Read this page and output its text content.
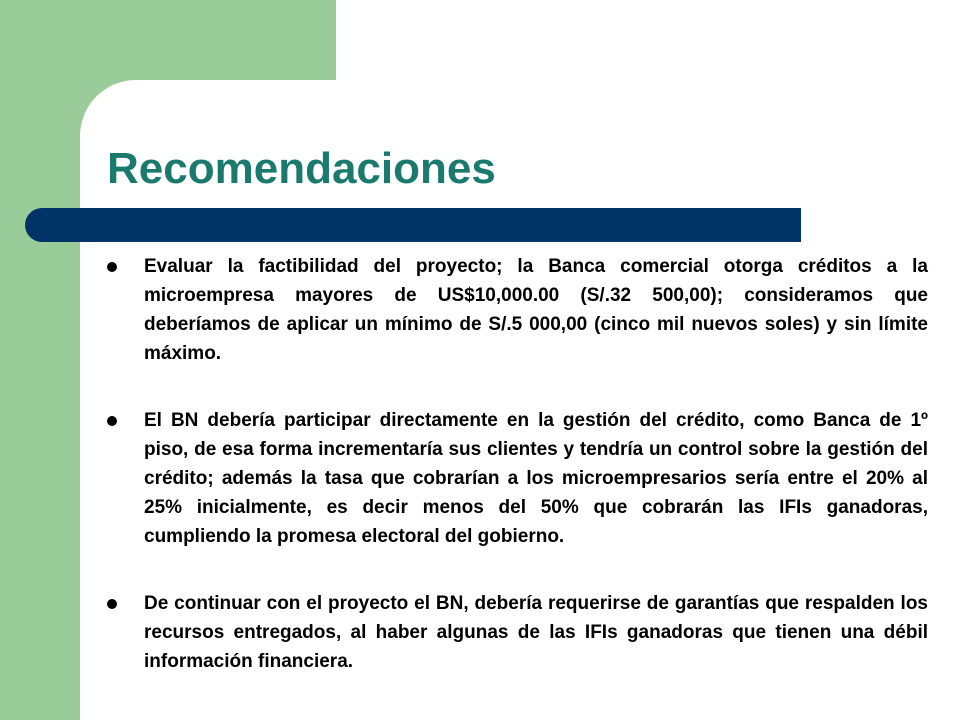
Recomendaciones
Evaluar la factibilidad del proyecto; la Banca comercial otorga créditos a la microempresa mayores de US$10,000.00 (S/.32 500,00); consideramos que deberíamos de aplicar un mínimo de S/.5 000,00 (cinco mil nuevos soles) y sin límite máximo.
El BN debería participar directamente en la gestión del crédito, como Banca de 1º piso, de esa forma incrementaría sus clientes y tendría un control sobre la gestión del crédito; además la tasa que cobrarían a los microempresarios sería entre el 20% al 25% inicialmente, es decir menos del 50% que cobrarán las IFIs ganadoras, cumpliendo la promesa electoral del gobierno.
De continuar con el proyecto el BN, debería requerirse de garantías que respalden los recursos entregados, al haber algunas de las IFIs ganadoras que tienen una débil información financiera.
